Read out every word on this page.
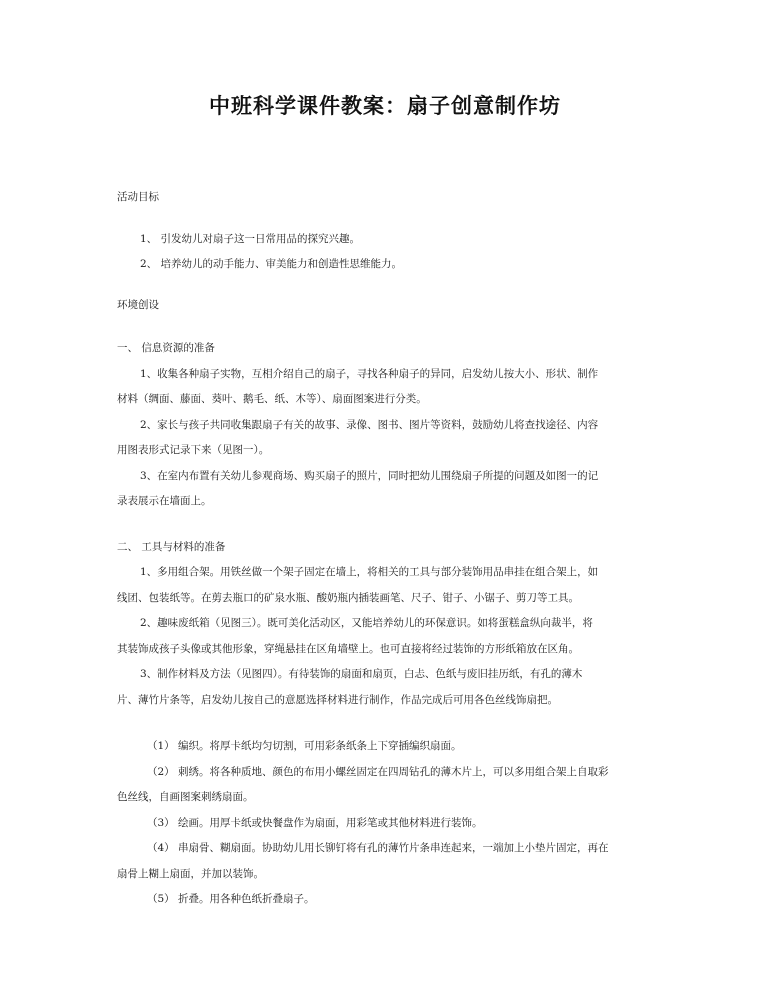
中班科学课件教案：扇子创意制作坊
活动目标
1、 引发幼儿对扇子这一日常用品的探究兴趣。
2、 培养幼儿的动手能力、审美能力和创造性思维能力。
环境创设
一、 信息资源的准备
1、收集各种扇子实物，互相介绍自己的扇子，寻找各种扇子的异同，启发幼儿按大小、形状、制作
材料（绸面、藤面、葵叶、鹅毛、纸、木等）、扇面图案进行分类。
2、家长与孩子共同收集跟扇子有关的故事、录像、图书、图片等资料，鼓励幼儿将查找途径、内容
用图表形式记录下来（见图一）。
3、在室内布置有关幼儿参观商场、购买扇子的照片，同时把幼儿围绕扇子所提的问题及如图一的记
录表展示在墙面上。
二、 工具与材料的准备
1、多用组合架。用铁丝做一个架子固定在墙上，将相关的工具与部分装饰用品串挂在组合架上，如
线团、包装纸等。在剪去瓶口的矿泉水瓶、酸奶瓶内插装画笔、尺子、钳子、小锯子、剪刀等工具。
2、趣味废纸箱（见图三）。既可美化活动区，又能培养幼儿的环保意识。如将蛋糕盒纵向裁半，将
其装饰成孩子头像或其他形象，穿绳悬挂在区角墙壁上。也可直接将经过装饰的方形纸箱放在区角。
3、制作材料及方法（见图四）。有待装饰的扇面和扇页，白忐、色纸与废旧挂历纸，有孔的薄木
片、薄竹片条等，启发幼儿按自己的意愿选择材料进行制作，作品完成后可用各色丝线饰扇把。
（1） 编织。将厚卡纸均匀切割，可用彩条纸条上下穿插编织扇面。
（2） 刺绣。将各种质地、颜色的布用小螺丝固定在四周钻孔的薄木片上，可以多用组合架上自取彩
色丝线，自画图案刺绣扇面。
（3） 绘画。用厚卡纸或快餐盘作为扇面，用彩笔或其他材料进行装饰。
（4） 串扇骨、糊扇面。协助幼儿用长铆钉将有孔的薄竹片条串连起来，一端加上小垫片固定，再在
扇骨上糊上扇面，并加以装饰。
（5） 折叠。用各种色纸折叠扇子。
